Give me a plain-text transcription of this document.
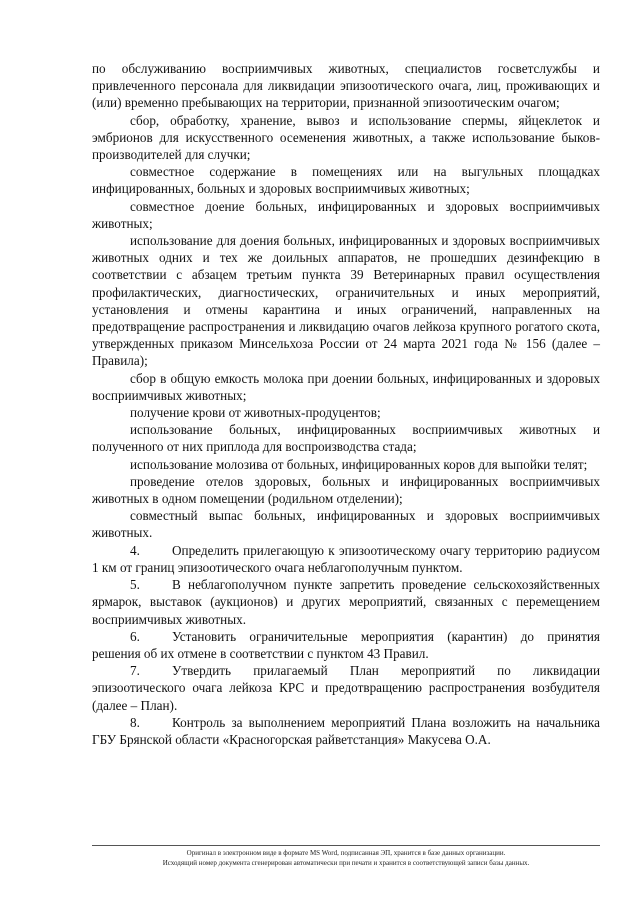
по обслуживанию восприимчивых животных, специалистов госветслужбы и привлеченного персонала для ликвидации эпизоотического очага, лиц, проживающих и (или) временно пребывающих на территории, признанной эпизоотическим очагом;

сбор, обработку, хранение, вывоз и использование спермы, яйцеклеток и эмбрионов для искусственного осеменения животных, а также использование быков-производителей для случки;

совместное содержание в помещениях или на выгульных площадках инфицированных, больных и здоровых восприимчивых животных;

совместное доение больных, инфицированных и здоровых восприимчивых животных;

использование для доения больных, инфицированных и здоровых восприимчивых животных одних и тех же доильных аппаратов, не прошедших дезинфекцию в соответствии с абзацем третьим пункта 39 Ветеринарных правил осуществления профилактических, диагностических, ограничительных и иных мероприятий, установления и отмены карантина и иных ограничений, направленных на предотвращение распространения и ликвидацию очагов лейкоза крупного рогатого скота, утвержденных приказом Минсельхоза России от 24 марта 2021 года № 156 (далее – Правила);

сбор в общую емкость молока при доении больных, инфицированных и здоровых восприимчивых животных;

получение крови от животных-продуцентов;

использование больных, инфицированных восприимчивых животных и полученного от них приплода для воспроизводства стада;

использование молозива от больных, инфицированных коров для выпойки телят;

проведение отелов здоровых, больных и инфицированных восприимчивых животных в одном помещении (родильном отделении);

совместный выпас больных, инфицированных и здоровых восприимчивых животных.

4. Определить прилегающую к эпизоотическому очагу территорию радиусом 1 км от границ эпизоотического очага неблагополучным пунктом.

5. В неблагополучном пункте запретить проведение сельскохозяйственных ярмарок, выставок (аукционов) и других мероприятий, связанных с перемещением восприимчивых животных.

6. Установить ограничительные мероприятия (карантин) до принятия решения об их отмене в соответствии с пунктом 43 Правил.

7. Утвердить прилагаемый План мероприятий по ликвидации эпизоотического очага лейкоза КРС и предотвращению распространения возбудителя (далее – План).

8. Контроль за выполнением мероприятий Плана возложить на начальника ГБУ Брянской области «Красногорская райветстанция» Макусева О.А.

Оригинал в электронном виде в формате MS Word, подписанная ЭП, хранится в базе данных организации.

Исходящий номер документа сгенерирован автоматически при печати и хранится в соответствующей записи базы данных.
